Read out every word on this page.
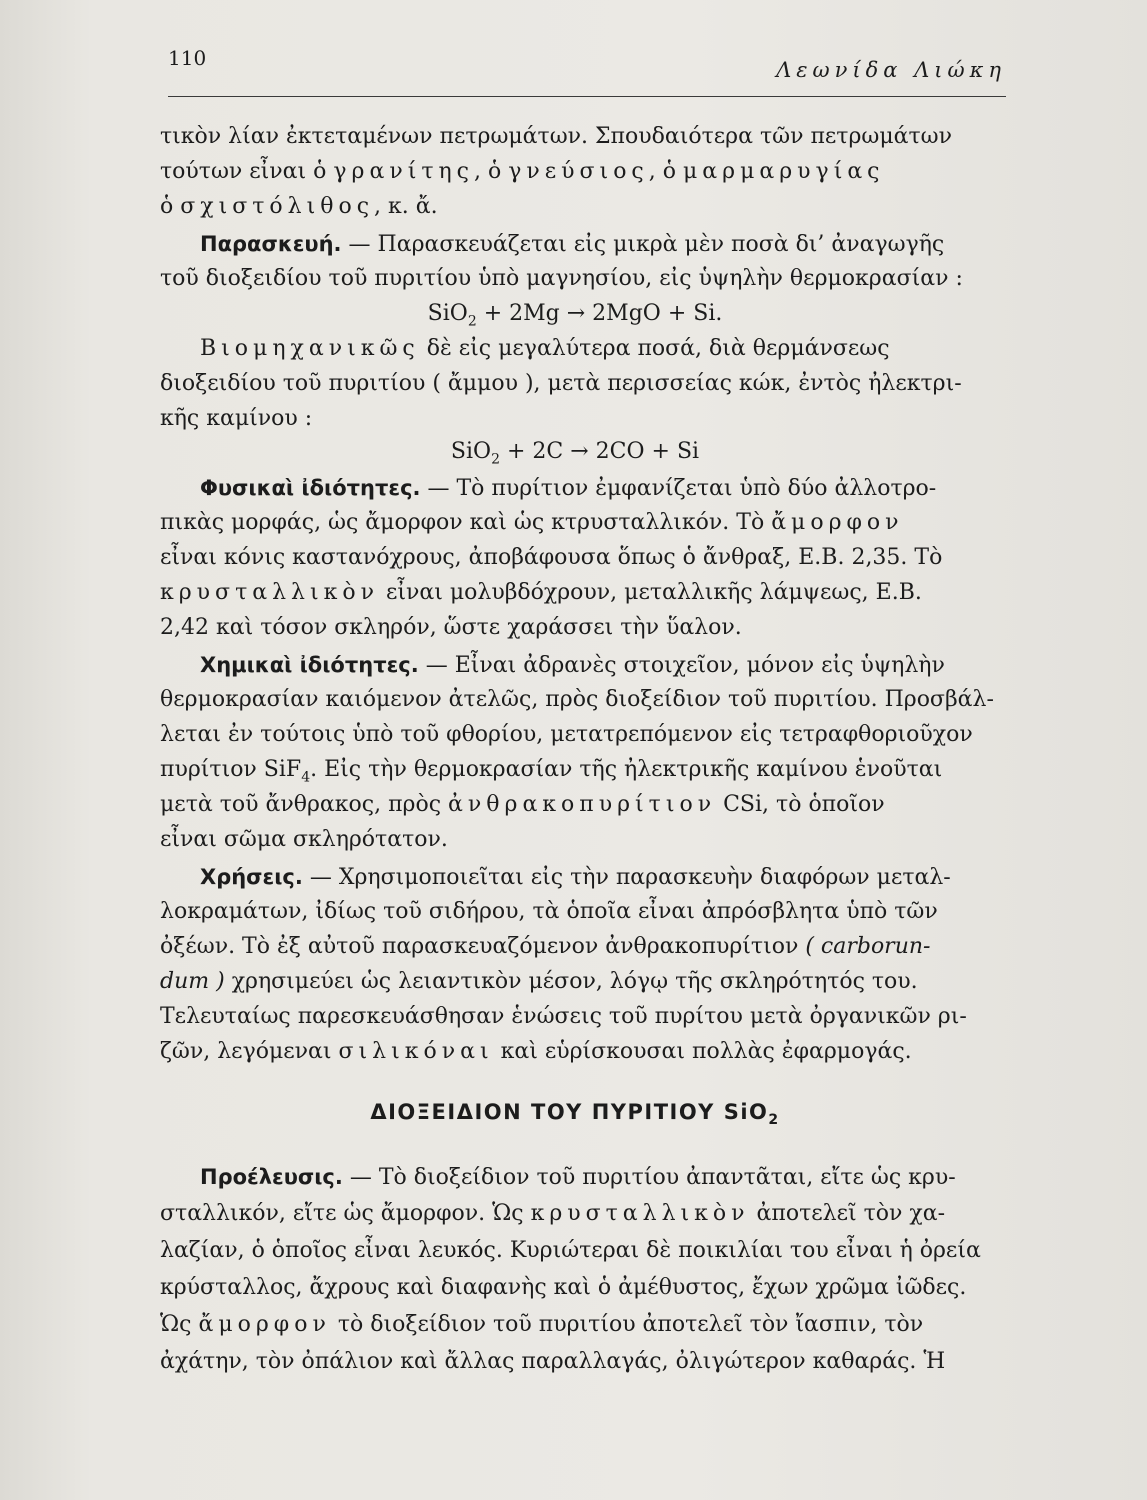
110	Λεωνίδα Λιώκη
τικὸν λίαν ἐκτεταμένων πετρωμάτων. Σπουδαιότερα τῶν πετρωμάτων
τούτων εἶναι ὁ γρανίτης, ὁ γνεύσιος, ὁ μαρμαρυγίας
ὁ σχιστόλιθος, κ. ἄ.
Παρασκευή. — Παρασκευάζεται εἰς μικρὰ μὲν ποσὰ δι’ ἀναγωγῆς
τοῦ διοξειδίου τοῦ πυριτίου ὑπὸ μαγνησίου, εἰς ὑψηλὴν θερμοκρασίαν :
SiO$_2$ + 2Mg → 2MgO + Si.
Βιομηχανικῶς δὲ εἰς μεγαλύτερα ποσά, διὰ θερμάνσεως
διοξειδίου τοῦ πυριτίου ( ἄμμου ), μετὰ περισσείας κώκ, ἐντὸς ἠλεκτρι-
κῆς καμίνου :
SiO$_2$ + 2C → 2CO + Si
Φυσικαὶ ἰδιότητες. — Τὸ πυρίτιον ἐμφανίζεται ὑπὸ δύο ἀλλοτρο-
πικὰς μορφάς, ὡς ἄμορφον καὶ ὡς κτρυσταλλικόν. Τὸ ἄμορφον
εἶναι κόνις καστανόχρους, ἀποβάφουσα ὅπως ὁ ἄνθραξ, Ε.Β. 2,35. Τὸ
κρυσταλλικὸν εἶναι μολυβδόχρουν, μεταλλικῆς λάμψεως, Ε.Β.
2,42 καὶ τόσον σκληρόν, ὥστε χαράσσει τὴν ὕαλον.
Χημικαὶ ἰδιότητες. — Εἶναι ἀδρανὲς στοιχεῖον, μόνον εἰς ὑψηλὴν
θερμοκρασίαν καιόμενον ἀτελῶς, πρὸς διοξείδιον τοῦ πυριτίου. Προσβάλ-
λεται ἐν τούτοις ὑπὸ τοῦ φθορίου, μετατρεπόμενον εἰς τετραφθοριοῦχον
πυρίτιον SiF$_4$. Εἰς τὴν θερμοκρασίαν τῆς ἠλεκτρικῆς καμίνου ἑνοῦται
μετὰ τοῦ ἄνθρακος, πρὸς ἀνθρακοπυρίτιον CSi, τὸ ὁποῖον
εἶναι σῶμα σκληρότατον.
Χρήσεις. — Χρησιμοποιεῖται εἰς τὴν παρασκευὴν διαφόρων μεταλ-
λοκραμάτων, ἰδίως τοῦ σιδήρου, τὰ ὁποῖα εἶναι ἀπρόσβλητα ὑπὸ τῶν
ὀξέων. Τὸ ἐξ αὐτοῦ παρασκευαζόμενον ἀνθρακοπυρίτιον ( carborun-
dum ) χρησιμεύει ὡς λειαντικὸν μέσον, λόγῳ τῆς σκληρότητός του.
Τελευταίως παρεσκευάσθησαν ἑνώσεις τοῦ πυρίτου μετὰ ὀργανικῶν ρι-
ζῶν, λεγόμεναι σιλικόναι καὶ εὑρίσκουσαι πολλὰς ἐφαρμογάς.
ΔΙΟΞΕΙΔΙΟΝ ΤΟΥ ΠΥΡΙΤΙΟΥ SiO$_2$
Προέλευσις. — Τὸ διοξείδιον τοῦ πυριτίου ἀπαντᾶται, εἴτε ὡς κρυ-
σταλλικόν, εἴτε ὡς ἄμορφον. Ὡς κρυσταλλικὸν ἀποτελεῖ τὸν χα-
λαζίαν, ὁ ὁποῖος εἶναι λευκός. Κυριώτεραι δὲ ποικιλίαι του εἶναι ἡ ὀρεία
κρύσταλλος, ἄχρους καὶ διαφανὴς καὶ ὁ ἀμέθυστος, ἔχων χρῶμα ἰῶδες.
Ὡς ἄμορφον τὸ διοξείδιον τοῦ πυριτίου ἀποτελεῖ τὸν ἴασπιν, τὸν
ἀχάτην, τὸν ὀπάλιον καὶ ἄλλας παραλλαγάς, ὀλιγώτερον καθαράς. Ἡ
